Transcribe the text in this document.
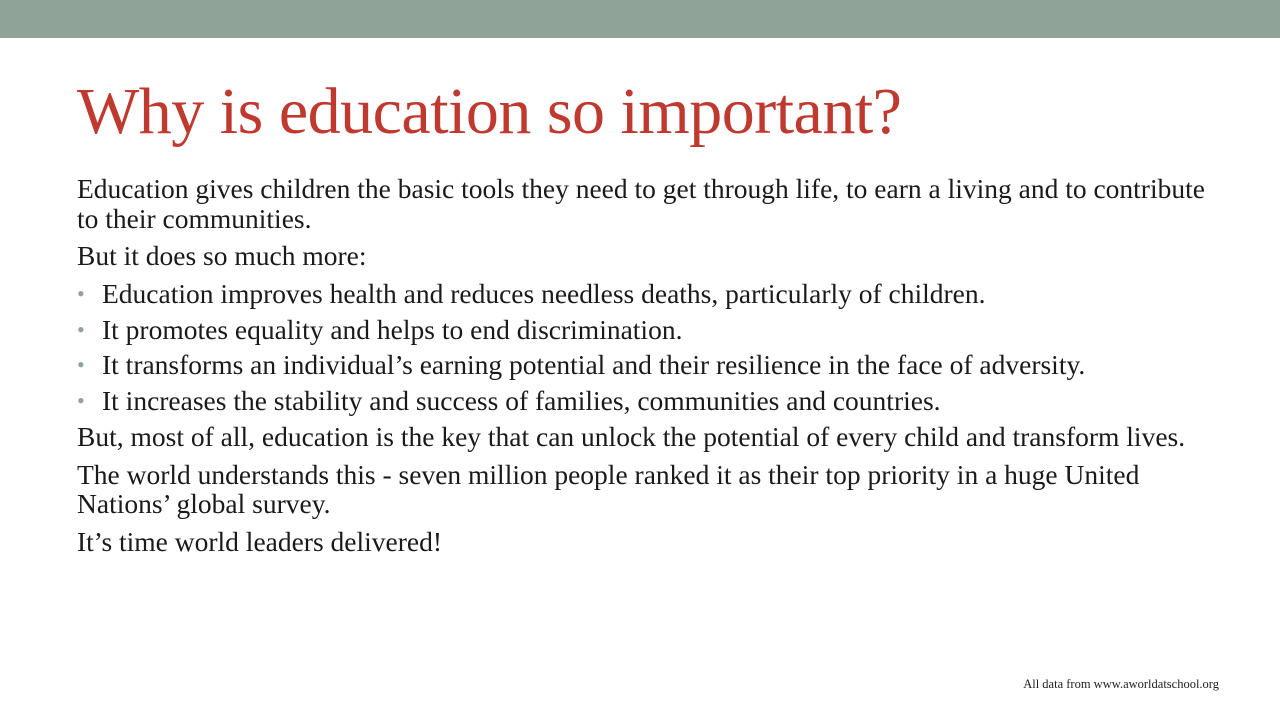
Why is education so important?

Education gives children the basic tools they need to get through life, to earn a living and to contribute to their communities.

But it does so much more:

• Education improves health and reduces needless deaths, particularly of children.
• It promotes equality and helps to end discrimination.
• It transforms an individual’s earning potential and their resilience in the face of adversity.
• It increases the stability and success of families, communities and countries.

But, most of all, education is the key that can unlock the potential of every child and transform lives.

The world understands this - seven million people ranked it as their top priority in a huge United Nations’ global survey.

It’s time world leaders delivered!

All data from www.aworldatschool.org
